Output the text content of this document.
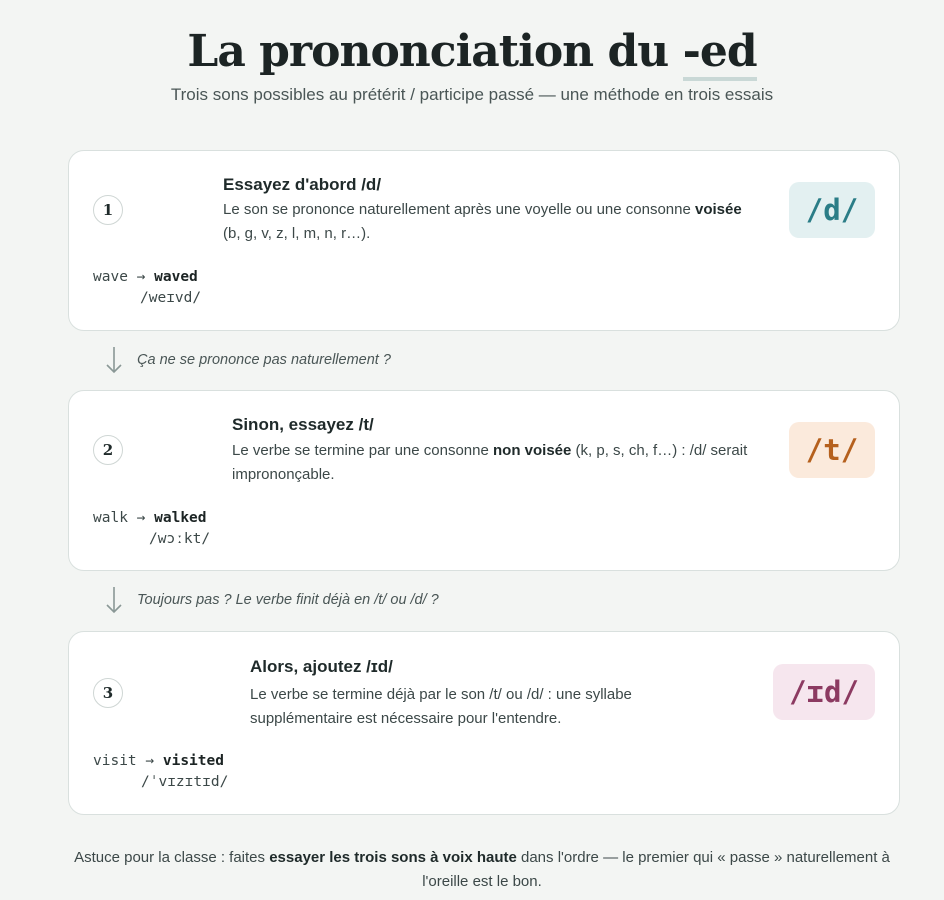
La prononciation du -ed

Trois sons possibles au prétérit / participe passé — une méthode en trois essais

1
Essayez d'abord /d/
Le son se prononce naturellement après une voyelle ou une consonne voisée (b, g, v, z, l, m, n, r…).
wave → waved
/weɪvd/
/d/
Ça ne se prononce pas naturellement ?
2
Sinon, essayez /t/
Le verbe se termine par une consonne non voisée (k, p, s, ch, f…) : /d/ serait imprononçable.
walk → walked
/wɔːkt/
/t/
Toujours pas ? Le verbe finit déjà en /t/ ou /d/ ?
3
Alors, ajoutez /ɪd/
Le verbe se termine déjà par le son /t/ ou /d/ : une syllabe supplémentaire est nécessaire pour l'entendre.
visit → visited
/ˈvɪzɪtɪd/
/ɪd/

Astuce pour la classe : faites essayer les trois sons à voix haute dans l'ordre — le premier qui « passe » naturellement à l'oreille est le bon.
